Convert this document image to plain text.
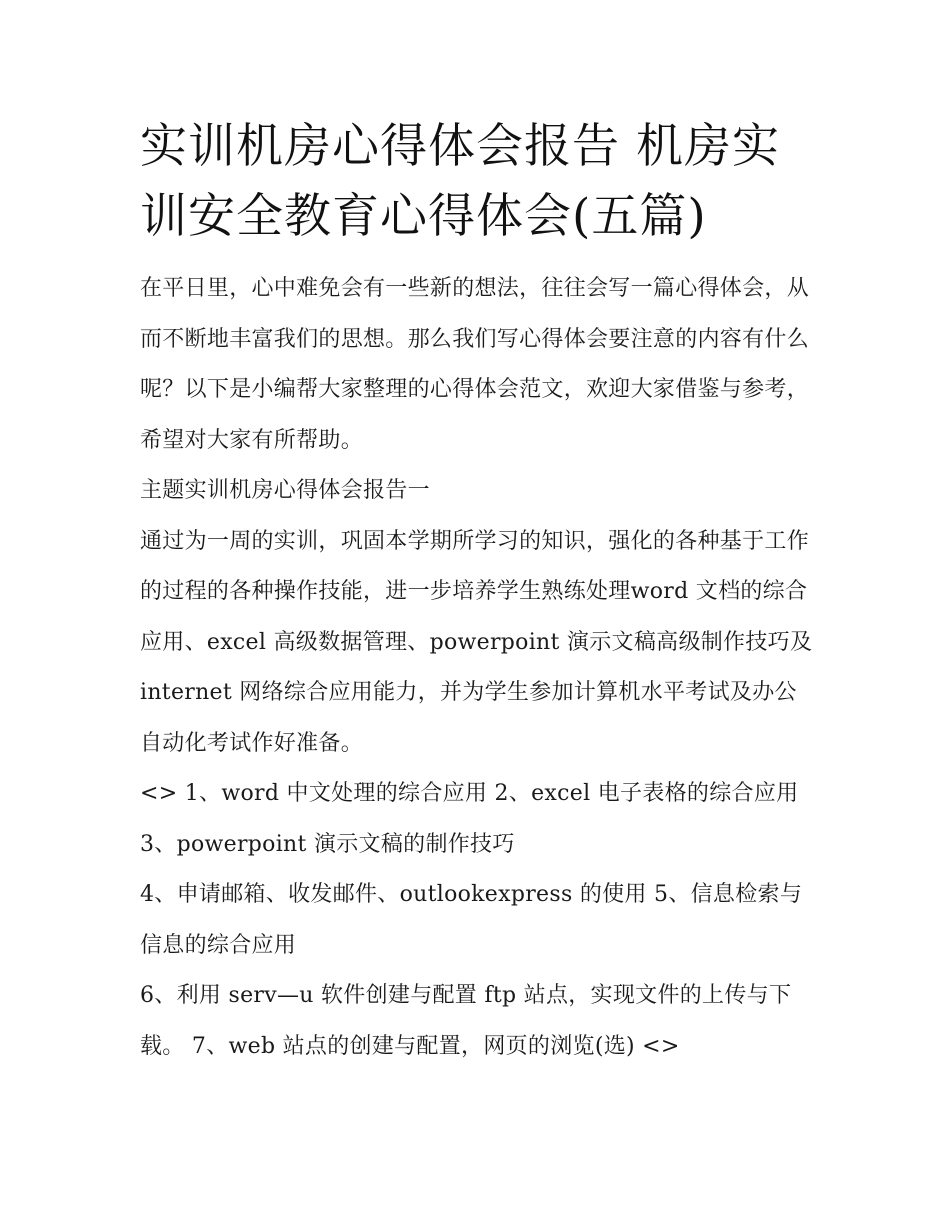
实训机房心得体会报告 机房实训安全教育心得体会(五篇)

在平日里，心中难免会有一些新的想法，往往会写一篇心得体会，从而不断地丰富我们的思想。那么我们写心得体会要注意的内容有什么呢？以下是小编帮大家整理的心得体会范文，欢迎大家借鉴与参考，希望对大家有所帮助。

主题实训机房心得体会报告一

通过为一周的实训，巩固本学期所学习的知识，强化的各种基于工作的过程的各种操作技能，进一步培养学生熟练处理word 文档的综合应用、excel 高级数据管理、powerpoint 演示文稿高级制作技巧及 internet 网络综合应用能力，并为学生参加计算机水平考试及办公自动化考试作好准备。

<> 1、word 中文处理的综合应用 2、excel 电子表格的综合应用

3、powerpoint 演示文稿的制作技巧

4、申请邮箱、收发邮件、outlookexpress 的使用 5、信息检索与信息的综合应用

6、利用 serv—u 软件创建与配置 ftp 站点，实现文件的上传与下载。 7、web 站点的创建与配置，网页的浏览(选) <>
